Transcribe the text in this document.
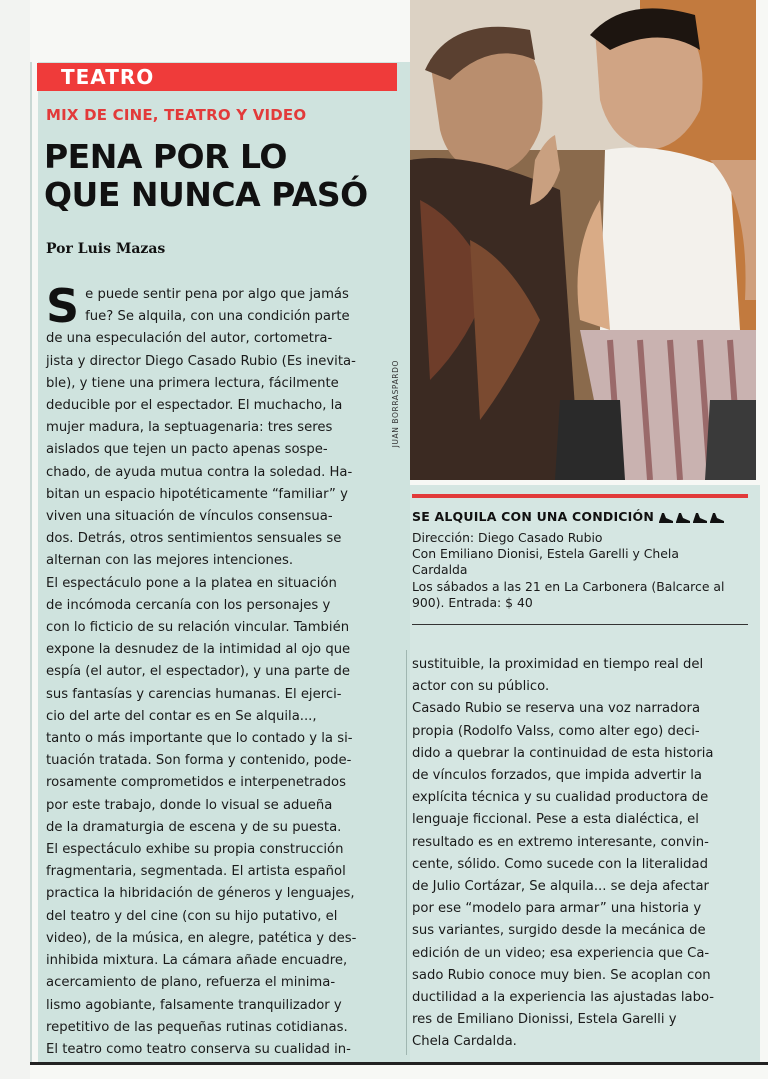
TEATRO
MIX DE CINE, TEATRO Y VIDEO
PENA POR LO
QUE NUNCA PASÓ
Por Luis Mazas
JUAN BORRASPARDO
SE ALQUILA CON UNA CONDICIÓN
Dirección: Diego Casado Rubio
Con Emiliano Dionisi, Estela Garelli y Chela
Cardalda
Los sábados a las 21 en La Carbonera (Balcarce al
900). Entrada: $ 40
S e puede sentir pena por algo que jamás
fue? Se alquila, con una condición parte
de una especulación del autor, cortometra-
jista y director Diego Casado Rubio (Es inevita-
ble), y tiene una primera lectura, fácilmente
deducible por el espectador. El muchacho, la
mujer madura, la septuagenaria: tres seres
aislados que tejen un pacto apenas sospe-
chado, de ayuda mutua contra la soledad. Ha-
bitan un espacio hipotéticamente “familiar” y
viven una situación de vínculos consensua-
dos. Detrás, otros sentimientos sensuales se
alternan con las mejores intenciones.
El espectáculo pone a la platea en situación
de incómoda cercanía con los personajes y
con lo ficticio de su relación vincular. También
expone la desnudez de la intimidad al ojo que
espía (el autor, el espectador), y una parte de
sus fantasías y carencias humanas. El ejerci-
cio del arte del contar es en Se alquila...,
tanto o más importante que lo contado y la si-
tuación tratada. Son forma y contenido, pode-
rosamente comprometidos e interpenetrados
por este trabajo, donde lo visual se adueña
de la dramaturgia de escena y de su puesta.
El espectáculo exhibe su propia construcción
fragmentaria, segmentada. El artista español
practica la hibridación de géneros y lenguajes,
del teatro y del cine (con su hijo putativo, el
video), de la música, en alegre, patética y des-
inhibida mixtura. La cámara añade encuadre,
acercamiento de plano, refuerza el minima-
lismo agobiante, falsamente tranquilizador y
repetitivo de las pequeñas rutinas cotidianas.
El teatro como teatro conserva su cualidad in-
sustituible, la proximidad en tiempo real del
actor con su público.
Casado Rubio se reserva una voz narradora
propia (Rodolfo Valss, como alter ego) deci-
dido a quebrar la continuidad de esta historia
de vínculos forzados, que impida advertir la
explícita técnica y su cualidad productora de
lenguaje ficcional. Pese a esta dialéctica, el
resultado es en extremo interesante, convin-
cente, sólido. Como sucede con la literalidad
de Julio Cortázar, Se alquila... se deja afectar
por ese “modelo para armar” una historia y
sus variantes, surgido desde la mecánica de
edición de un video; esa experiencia que Ca-
sado Rubio conoce muy bien. Se acoplan con
ductilidad a la experiencia las ajustadas labo-
res de Emiliano Dionissi, Estela Garelli y
Chela Cardalda.
